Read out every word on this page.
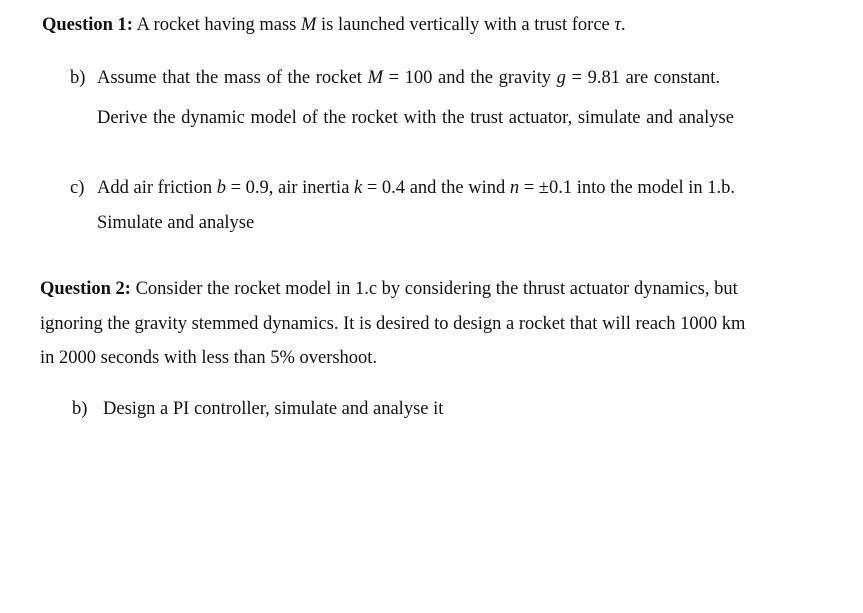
Question 1: A rocket having mass M is launched vertically with a trust force τ.
b) Assume that the mass of the rocket M = 100 and the gravity g = 9.81 are constant.
Derive the dynamic model of the rocket with the trust actuator, simulate and analyse
c) Add air friction b = 0.9, air inertia k = 0.4 and the wind n = ±0.1 into the model in 1.b.
Simulate and analyse
Question 2: Consider the rocket model in 1.c by considering the thrust actuator dynamics, but
ignoring the gravity stemmed dynamics. It is desired to design a rocket that will reach 1000 km
in 2000 seconds with less than 5% overshoot.
b) Design a PI controller, simulate and analyse it
